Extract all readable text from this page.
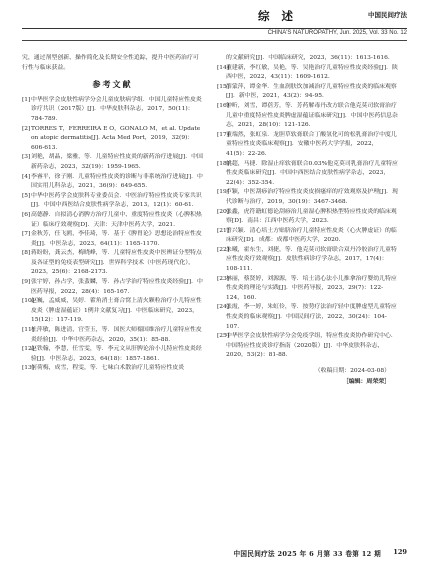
综 述	中国民间疗法
CHINA'S NATUROPATHY, Jun. 2025, Vol. 33 No. 12

究，通过剂型创新、操作简化及长期安全性追踪，提升中医药治疗可行性与临床获益。

参考文献

[1] 中华医学会皮肤性病学分会儿童皮肤病学组．中国儿童特应性皮炎诊疗共识（2017版）[J]．中华皮肤科杂志，2017，50(11)：784-789.

[2] TORRES T，FERREIRA E O，GONALO M，et al. Update on atopic dermatitis[J]. Acta Med Port，2019，32(9)：606-613.

[3] 刘艳，胡晶，梁雅，等．儿童特应性皮炎的新药治疗进展[J]．中国新药杂志，2023，32(19)：1959-1965.

[4] 李睿平，徐子刚．儿童特应性皮炎的诊断与非系统治疗进展[J]．中国实用儿科杂志，2021，36(9)：649-655.

[5] 中华中医药学会皮肤科专业委员会．中医治疗特应性皮炎专家共识[J]．中国中西医结合皮肤性病学杂志，2013，12(1)：60-61.

[6] 高德静．自拟清心消脾方治疗儿童中、重度特应性皮炎（心脾积热证）临床疗效观察[D]．天津：天津中医药大学，2021.

[7] 金秋芳，任飞鸥，李佳琦，等．基于《脾胃论》思想论治特应性皮炎[J]．中医杂志，2023，64(11)：1165-1170.

[8] 蒋盼盼，龚云杰，梅晓峰，等．儿童特应性皮炎中医辨证分型特点及各证型的免疫表型研究[J]．世界科学技术（中医药现代化），2023，25(6)：2168-2173.

[9] 张宇婷，孙占学，张蜚麟，等．孙占学治疗特应性皮炎经验[J]．中医药导报，2022，28(4)：165-167.

[10]
赵巍，孟威威，吴婷．藿角消土膏合窝上清火颗粒治疗小儿特应性皮炎（脾虚湿蕴证）1例并文献复习[J]．中医临床研究，2023，15(12)：117-119.

[11]
杜萍敏，陈进清，官莹玉，等．国医大师禤国维治疗儿童特应性皮炎经验[J]．中华中医药杂志，2020，35(1)：85-88.

[12]
赵铁翰，李慧，任雪雯，等．李元文从肝脾论治小儿特应性皮炎经验[J]．中医杂志，2023，64(18)：1857-1861.

[13]
何荷梅，成雪，程雯，等．七味白术散治疗儿童特应性皮炎

的文献研究[J]．中国临床研究，2023，36(11)：1613-1616.

[14]
董建新，李红敏，吴艳，等．吴艳治疗儿童特应性皮炎经验[J]．陕西中医，2022，43(11)：1609-1612.

[15]
薛蒙萍，谭金华．生血润肤饮加减治疗儿童特应性皮炎的临床观察[J]．新中医，2021，43(2)：94-95.

[16]
钟昕，刘雪，谭蓓芳，等．芳药解毒丹改方联合他克莫司软膏治疗儿童中重度特应性皮炎脾虚湿蕴证临床研究[J]．中国中医药信息杂志，2021，28(10)：121-126.

[17]
董端然，张虹泉．龙胆草软膏联合丁酸氢化可的松乳膏治疗中度儿童特应性皮炎临床观察[J]．安徽中医药大学学报，2022，41(5)：22-26.

[18]
姚超，马捷．除湿止痒软膏联合0.03%他克莫司乳膏治疗儿童特应性皮炎临床研究[J]．中国中西医结合皮肤性病学杂志，2023，22(4)：352-354.

[19]
卢颖，中医刮痧治疗特应性皮炎皮损瘙痒的疗效观察及护理[J]．现代诊断与治疗，2019，30(19)：3467-3468.

[20]
张鑫，虎符籍虹德论刮痧治儿童湿心脾积热型特应性皮炎的临床观察[D]．南昌：江西中医药大学，2023.

[21]
曾兴颖．清心培土方贴脐治疗儿童特应性皮炎（心火脾虚证）的临床研究[D]．成都：成都中医药大学，2020.

[22]
朱曦，霍东生，刘捷，等．他克莫司软膏联合双丹冷胶治疗儿童特应性皮炎疗效观察[J]．皮肤性病诊疗学杂志，2017，17(4)：108-111.

[23]
林丽，蔡贤婷，刘源源，等．培土清心法小儿推拿治疗婴幼儿特应性皮炎的理论与实践[J]．中医药导报，2023，29(7)：122-124，160.

[24]
张霞，李一婷，朱虹伶，等．按势疗法治疗轻中度脾虚型儿童特应性皮炎的临床观察[J]．中国民间疗法，2022，30(24)：104-107.

[25]
中华医学会皮肤性病学分会免疫学组，特应性皮炎协作研究中心．中国特应性皮炎诊疗指南（2020版）[J]．中华皮肤科杂志，2020，53(2)：81-88.

（收稿日期：2024-03-08）
［编辑：周荣荣］
中国民间疗法 2025 年 6 月第 33 卷第 12 期 129
